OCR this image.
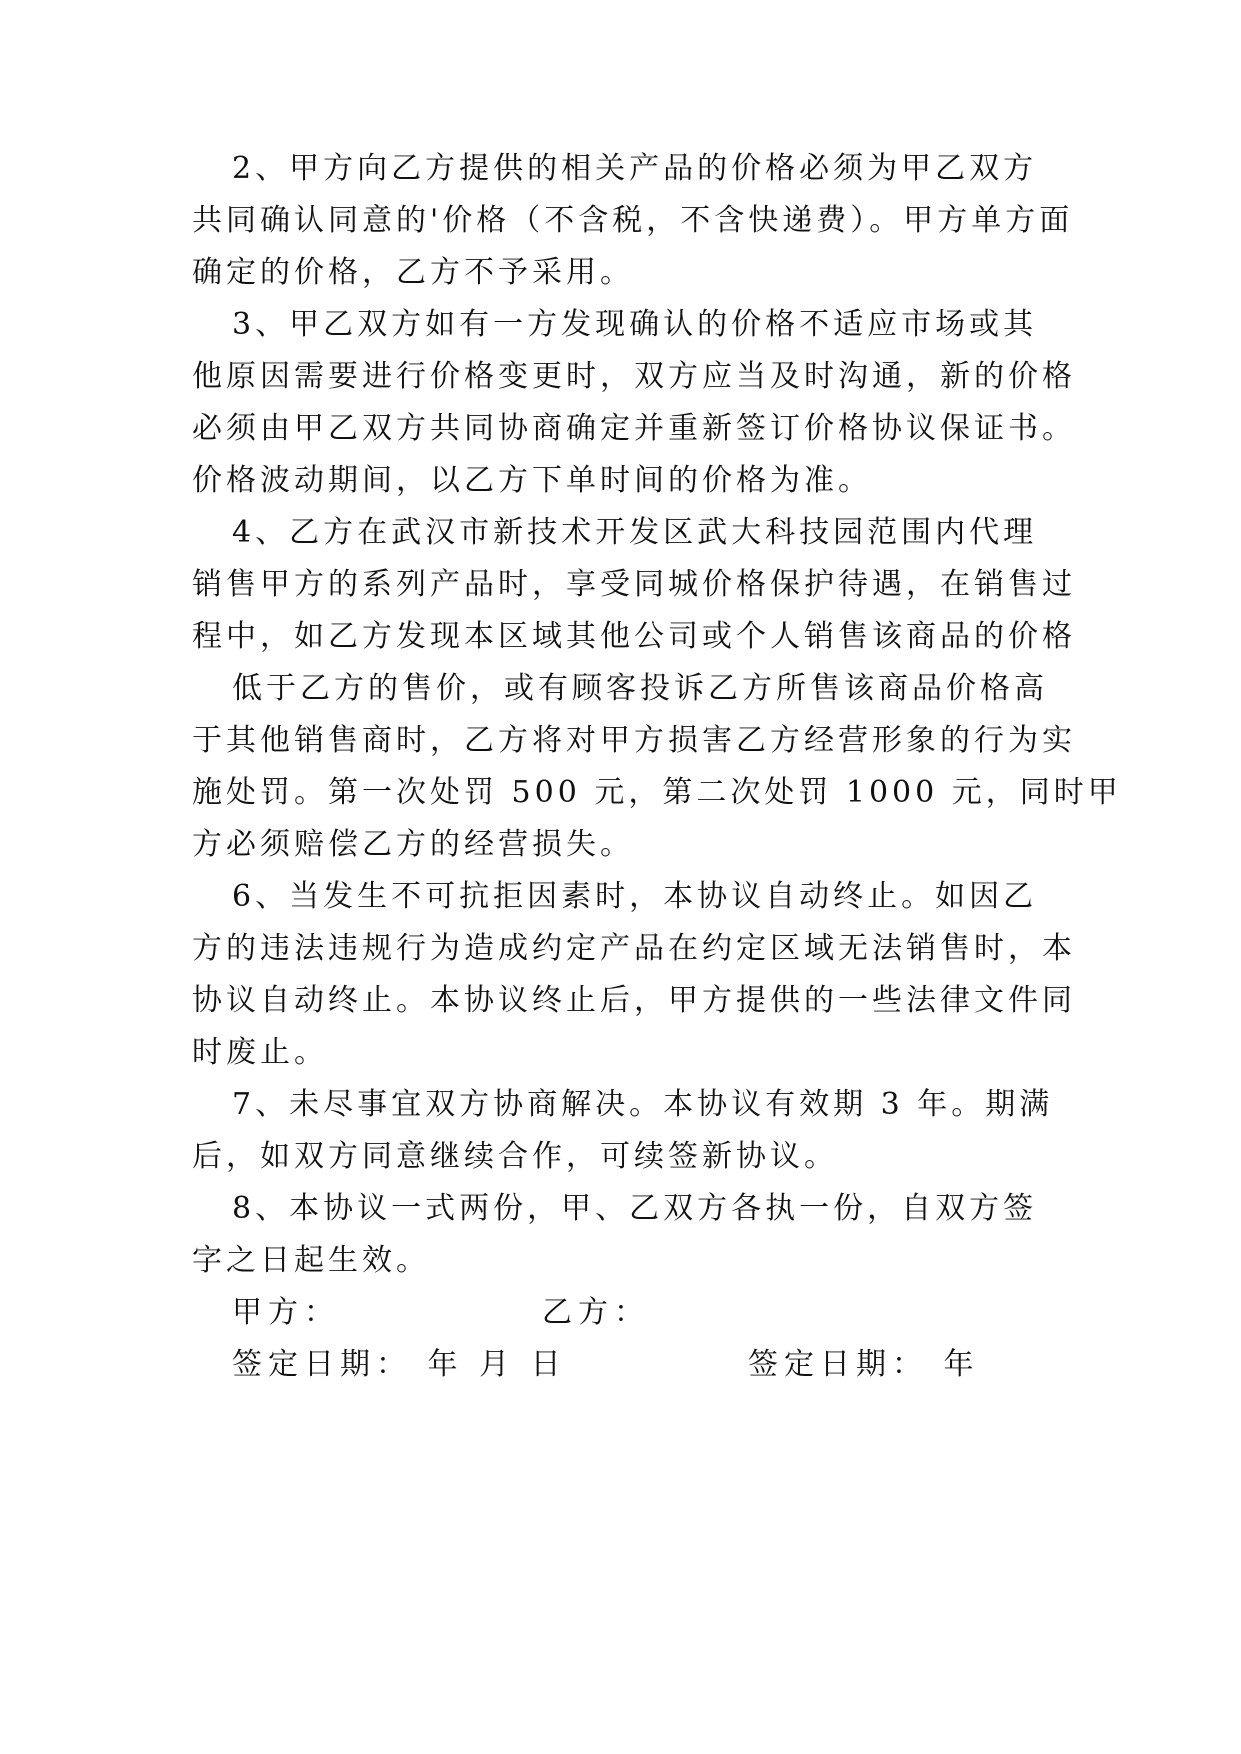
2、甲方向乙方提供的相关产品的价格必须为甲乙双方
共同确认同意的'价格（不含税，不含快递费）。甲方单方面
确定的价格，乙方不予采用。
3、甲乙双方如有一方发现确认的价格不适应市场或其
他原因需要进行价格变更时，双方应当及时沟通，新的价格
必须由甲乙双方共同协商确定并重新签订价格协议保证书。
价格波动期间，以乙方下单时间的价格为准。
4、乙方在武汉市新技术开发区武大科技园范围内代理
销售甲方的系列产品时，享受同城价格保护待遇，在销售过
程中，如乙方发现本区域其他公司或个人销售该商品的价格
低于乙方的售价，或有顾客投诉乙方所售该商品价格高
于其他销售商时，乙方将对甲方损害乙方经营形象的行为实
施处罚。第一次处罚 500 元，第二次处罚 1000 元，同时甲
方必须赔偿乙方的经营损失。
6、当发生不可抗拒因素时，本协议自动终止。如因乙
方的违法违规行为造成约定产品在约定区域无法销售时，本
协议自动终止。本协议终止后，甲方提供的一些法律文件同
时废止。
7、未尽事宜双方协商解决。本协议有效期 3 年。期满
后，如双方同意继续合作，可续签新协议。
8、本协议一式两份，甲、乙双方各执一份，自双方签
字之日起生效。
甲方：	乙方：
签定日期： 年 月 日	签定日期： 年
